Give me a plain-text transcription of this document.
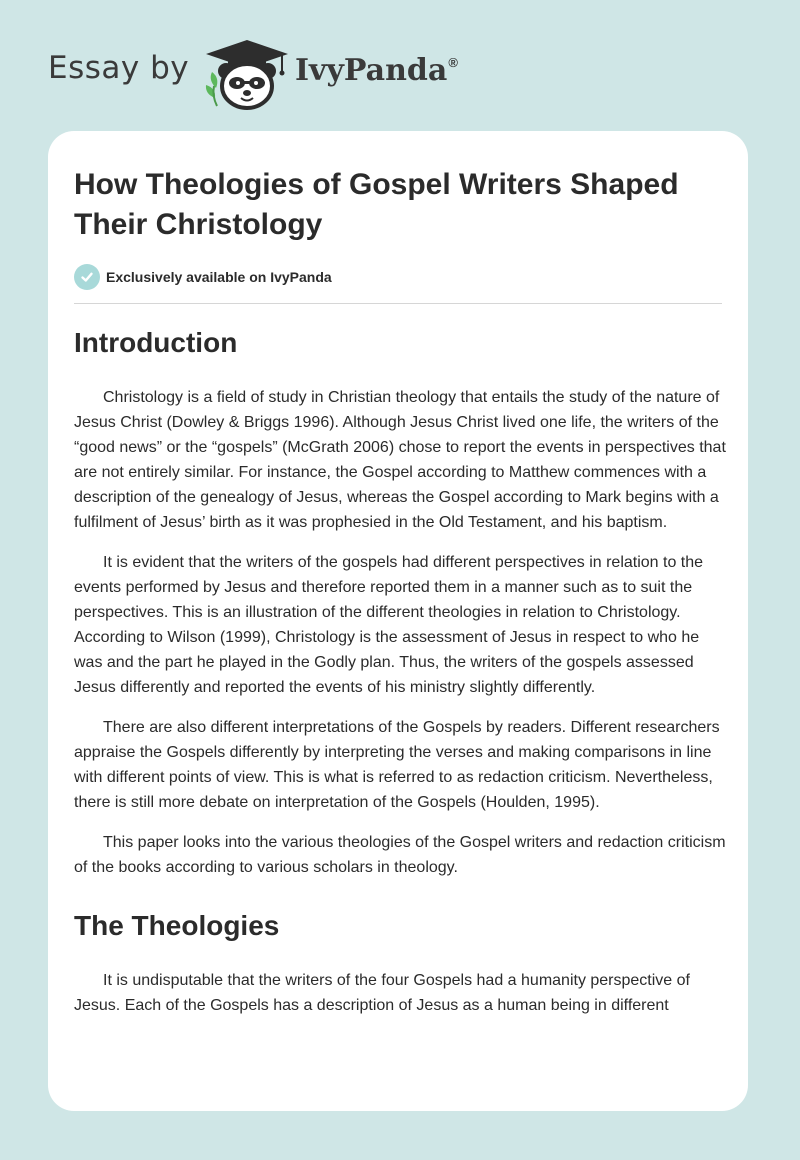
Essay by	IvyPanda®
How Theologies of Gospel Writers Shaped Their Christology
Exclusively available on IvyPanda
Introduction

Christology is a field of study in Christian theology that entails the study of the nature of Jesus Christ (Dowley & Briggs 1996). Although Jesus Christ lived one life, the writers of the “good news” or the “gospels” (McGrath 2006) chose to report the events in perspectives that are not entirely similar. For instance, the Gospel according to Matthew commences with a description of the genealogy of Jesus, whereas the Gospel according to Mark begins with a fulfilment of Jesus’ birth as it was prophesied in the Old Testament, and his baptism.

It is evident that the writers of the gospels had different perspectives in relation to the events performed by Jesus and therefore reported them in a manner such as to suit the perspectives. This is an illustration of the different theologies in relation to Christology. According to Wilson (1999), Christology is the assessment of Jesus in respect to who he was and the part he played in the Godly plan. Thus, the writers of the gospels assessed Jesus differently and reported the events of his ministry slightly differently.

There are also different interpretations of the Gospels by readers. Different researchers appraise the Gospels differently by interpreting the verses and making comparisons in line with different points of view. This is what is referred to as redaction criticism. Nevertheless, there is still more debate on interpretation of the Gospels (Houlden, 1995).

This paper looks into the various theologies of the Gospel writers and redaction criticism of the books according to various scholars in theology.

The Theologies

It is undisputable that the writers of the four Gospels had a humanity perspective of Jesus. Each of the Gospels has a description of Jesus as a human being in different
